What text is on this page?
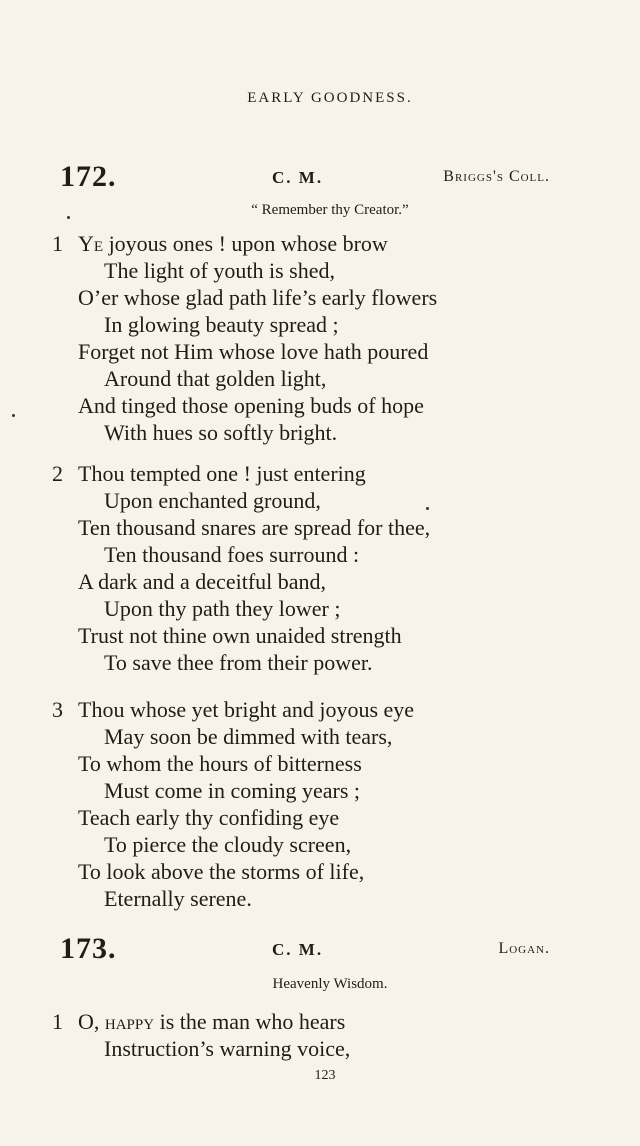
EARLY GOODNESS.
172.	C. M.	Briggs's Coll.
“ Remember thy Creator.”
1 Ye joyous ones ! upon whose brow
The light of youth is shed,
O’er whose glad path life’s early flowers
In glowing beauty spread ;
Forget not Him whose love hath poured
Around that golden light,
And tinged those opening buds of hope
With hues so softly bright.
2 Thou tempted one ! just entering
Upon enchanted ground,
Ten thousand snares are spread for thee,
Ten thousand foes surround :
A dark and a deceitful band,
Upon thy path they lower ;
Trust not thine own unaided strength
To save thee from their power.
3 Thou whose yet bright and joyous eye
May soon be dimmed with tears,
To whom the hours of bitterness
Must come in coming years ;
Teach early thy confiding eye
To pierce the cloudy screen,
To look above the storms of life,
Eternally serene.
173.	C. M.	Logan.
Heavenly Wisdom.
1 O, happy is the man who hears
Instruction’s warning voice,
123
